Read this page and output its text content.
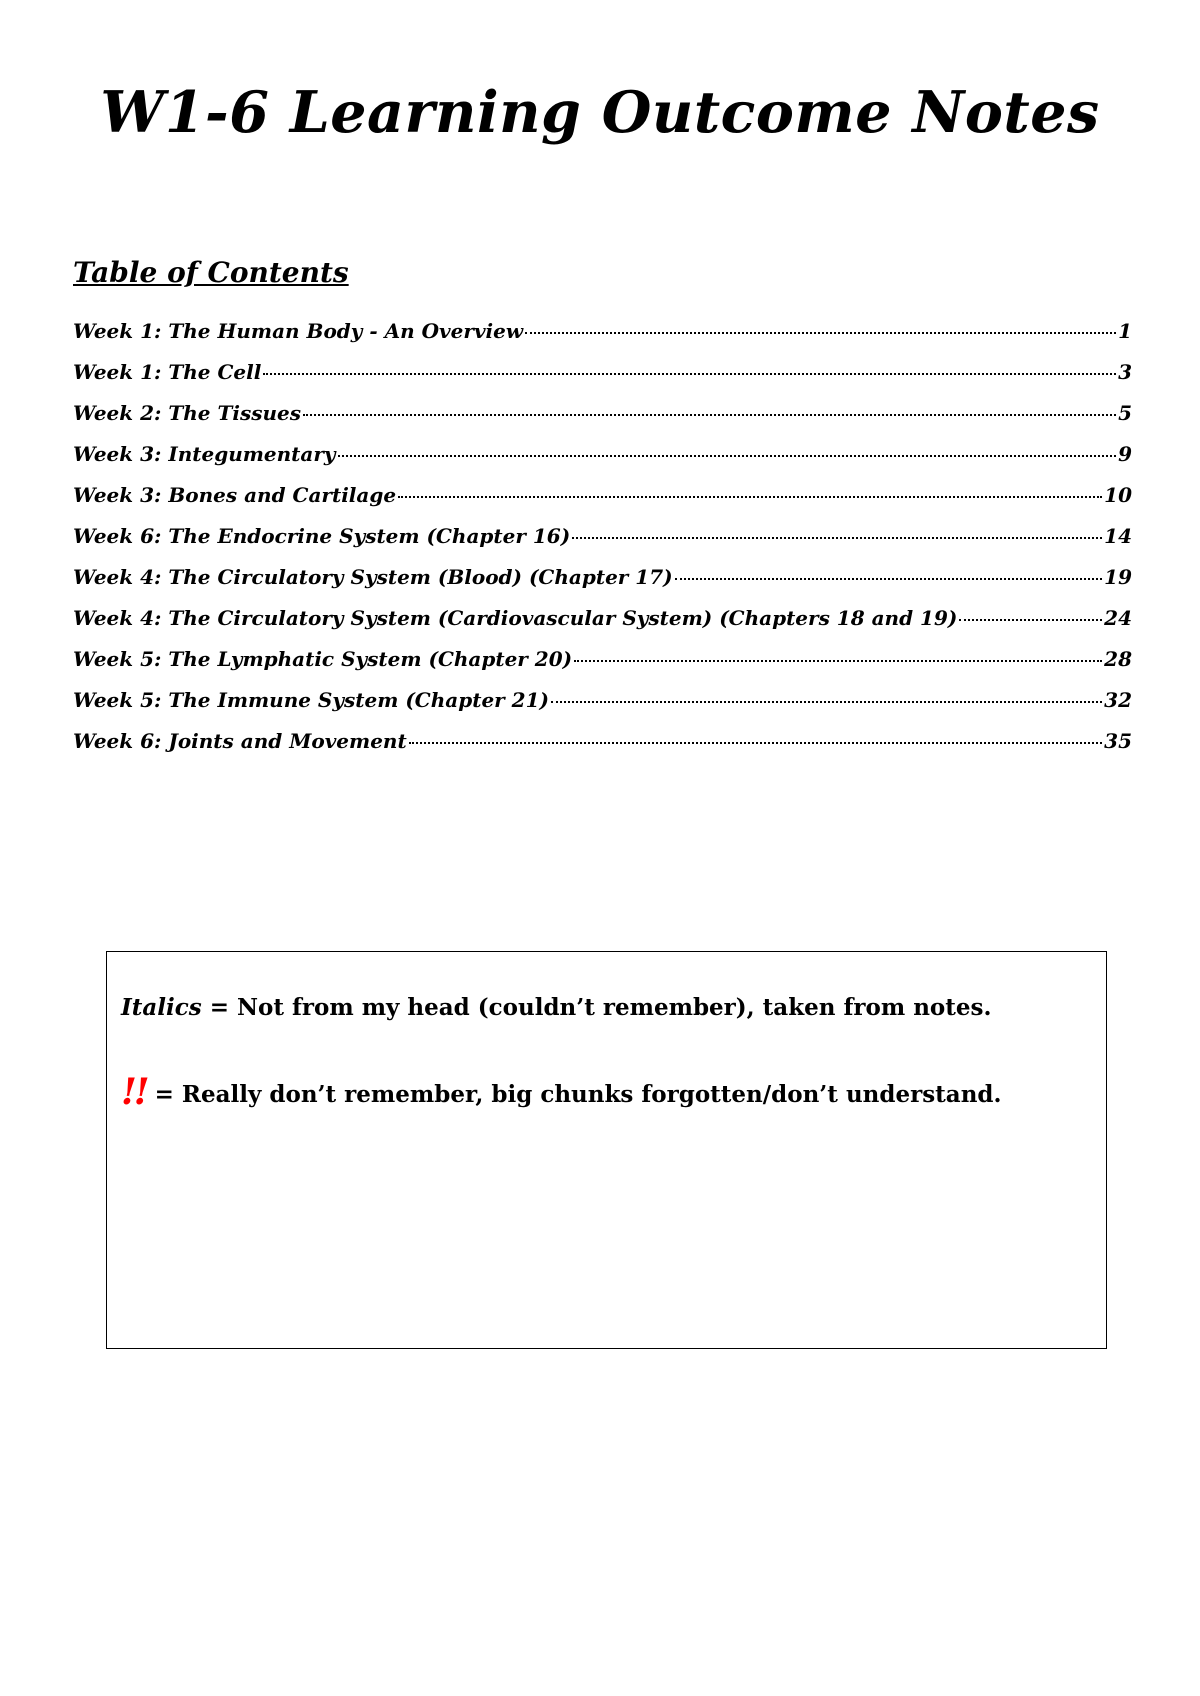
W1-6 Learning Outcome Notes
Table of Contents
Week 1: The Human Body - An Overview	1
Week 1: The Cell	3
Week 2: The Tissues	5
Week 3: Integumentary	9
Week 3: Bones and Cartilage	10
Week 6: The Endocrine System (Chapter 16)	14
Week 4: The Circulatory System (Blood) (Chapter 17)	19
Week 4: The Circulatory System (Cardiovascular System) (Chapters 18 and 19)	24
Week 5: The Lymphatic System (Chapter 20)	28
Week 5: The Immune System (Chapter 21)	32
Week 6: Joints and Movement	35
Italics = Not from my head (couldn’t remember), taken from notes.
!! = Really don’t remember, big chunks forgotten/don’t understand.
